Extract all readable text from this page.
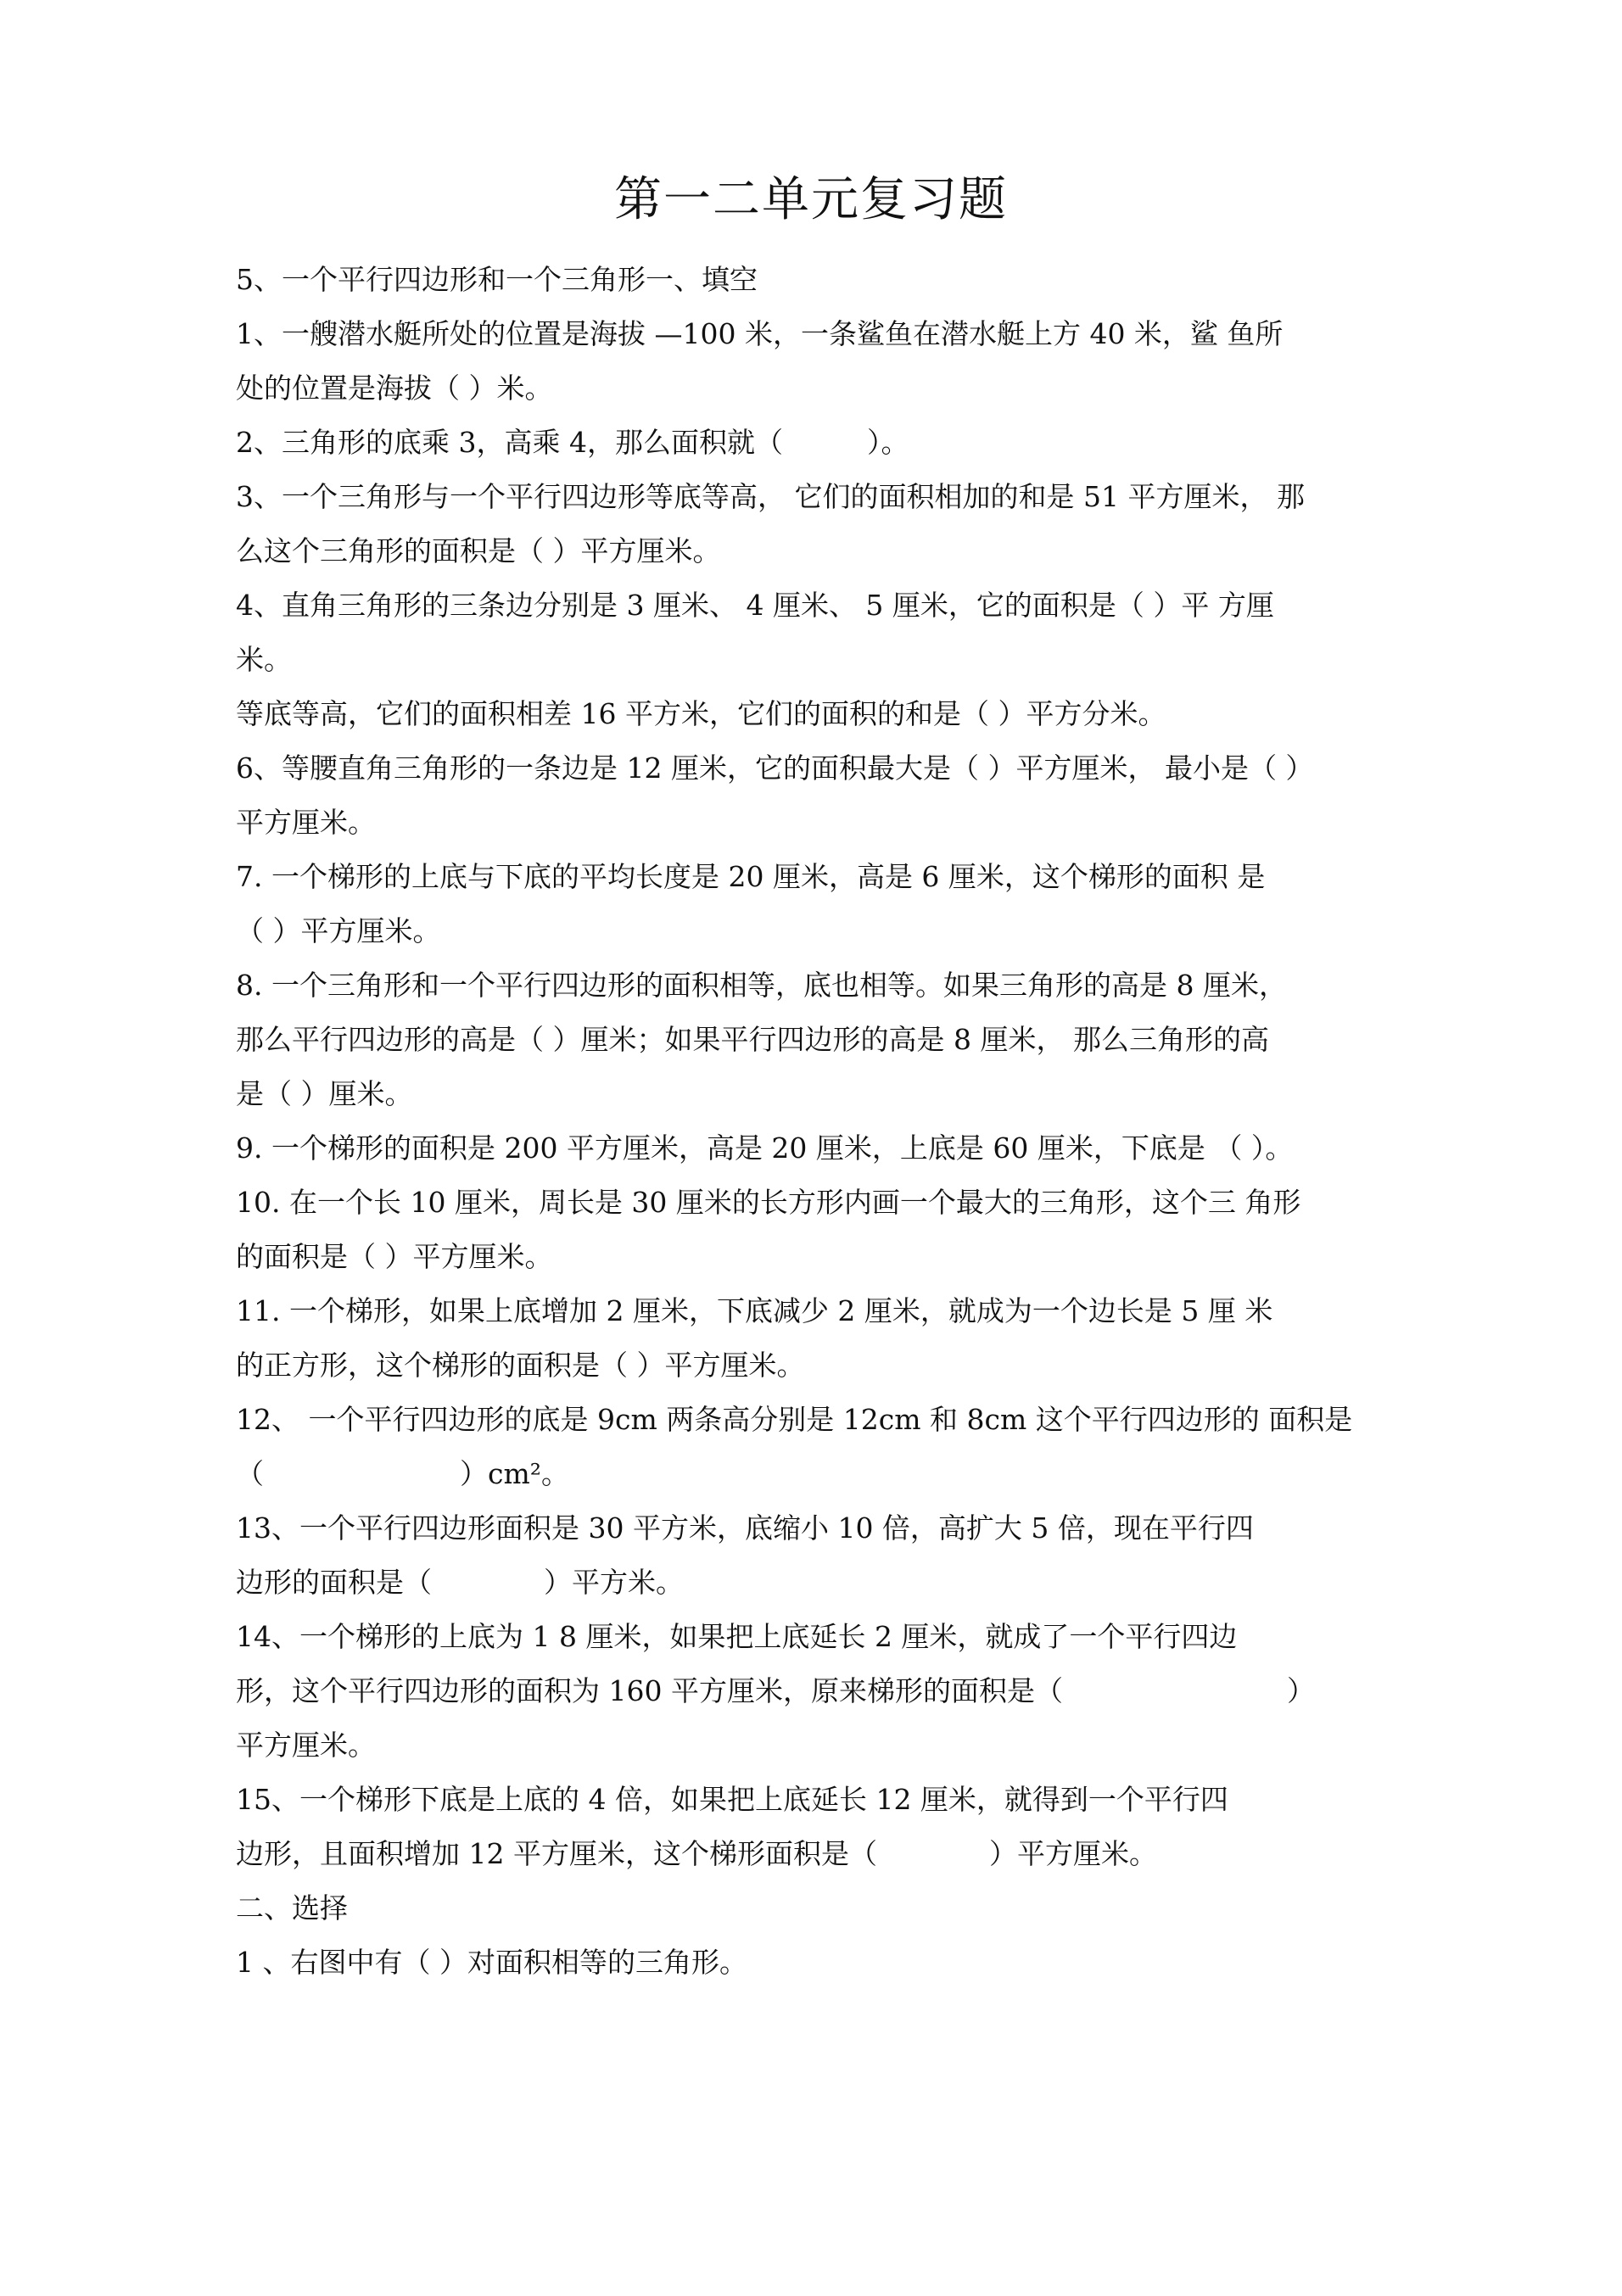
第一二单元复习题
5、一个平行四边形和一个三角形一、填空
1、一艘潜水艇所处的位置是海拔 —100 米，一条鲨鱼在潜水艇上方 40 米，鲨 鱼所
处的位置是海拔（ ）米。
2、三角形的底乘 3，高乘 4，那么面积就（　　　）。
3、一个三角形与一个平行四边形等底等高， 它们的面积相加的和是 51 平方厘米， 那
么这个三角形的面积是（ ）平方厘米。
4、直角三角形的三条边分别是 3 厘米、 4 厘米、 5 厘米，它的面积是（ ）平 方厘
米。
等底等高，它们的面积相差 16 平方米，它们的面积的和是（ ）平方分米。
6、等腰直角三角形的一条边是 12 厘米，它的面积最大是（ ）平方厘米， 最小是（ ）
平方厘米。
7. 一个梯形的上底与下底的平均长度是 20 厘米，高是 6 厘米，这个梯形的面积 是
（ ）平方厘米。
8. 一个三角形和一个平行四边形的面积相等，底也相等。如果三角形的高是 8 厘米，
那么平行四边形的高是（ ）厘米；如果平行四边形的高是 8 厘米， 那么三角形的高
是（ ）厘米。
9. 一个梯形的面积是 200 平方厘米，高是 20 厘米，上底是 60 厘米，下底是 （ ）。
10. 在一个长 10 厘米，周长是 30 厘米的长方形内画一个最大的三角形，这个三 角形
的面积是（ ）平方厘米。
11. 一个梯形，如果上底增加 2 厘米，下底减少 2 厘米，就成为一个边长是 5 厘 米
的正方形，这个梯形的面积是（ ）平方厘米。
12、 一个平行四边形的底是 9cm 两条高分别是 12cm 和 8cm 这个平行四边形的 面积是
（　　　　　　　）cm²。
13、一个平行四边形面积是 30 平方米，底缩小 10 倍，高扩大 5 倍，现在平行四
边形的面积是（　　　　）平方米。
14、一个梯形的上底为 1 8 厘米，如果把上底延长 2 厘米，就成了一个平行四边
形，这个平行四边形的面积为 160 平方厘米，原来梯形的面积是（　　　　　　　　）
平方厘米。
15、一个梯形下底是上底的 4 倍，如果把上底延长 12 厘米，就得到一个平行四
边形，且面积增加 12 平方厘米，这个梯形面积是（　　　　）平方厘米。
二、选择
1 、右图中有（ ）对面积相等的三角形。
